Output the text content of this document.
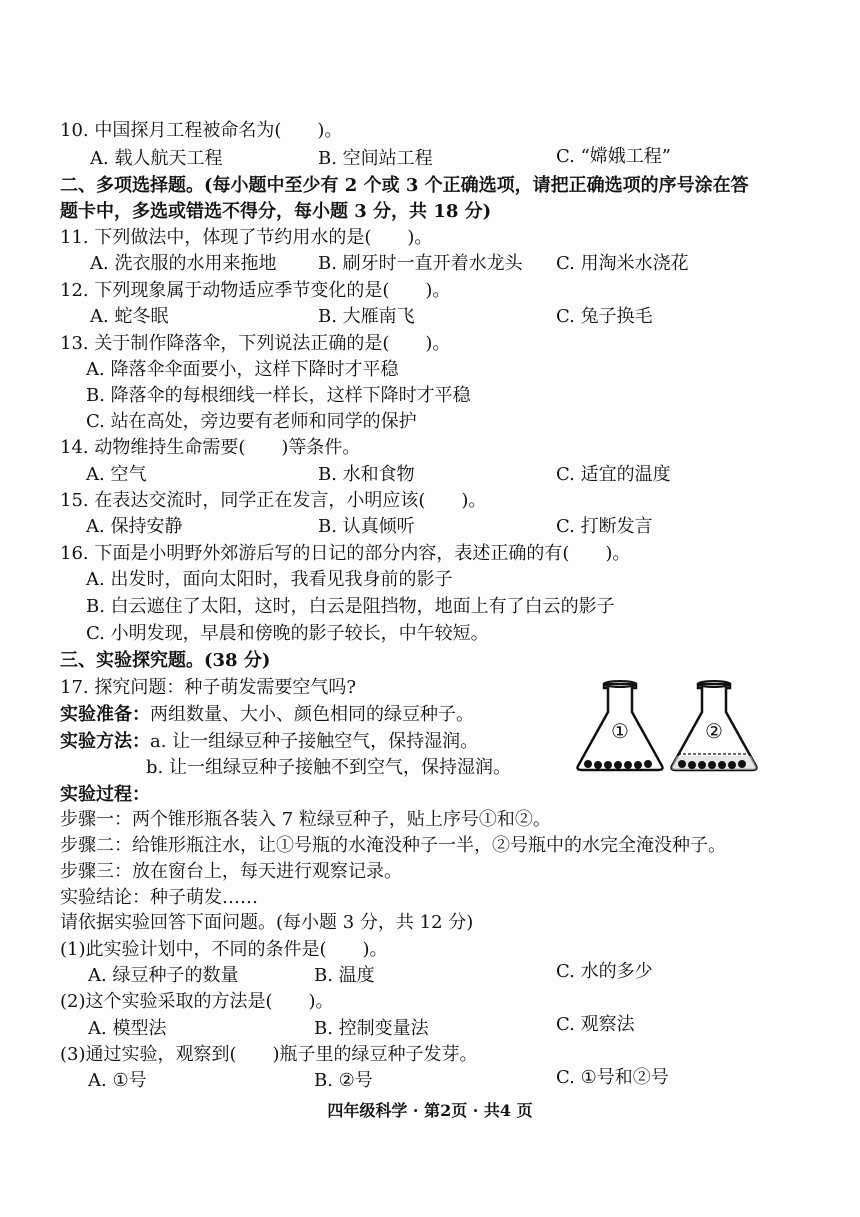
10. 中国探月工程被命名为(　　)。
A. 载人航天工程	B. 空间站工程	C. “嫦娥工程”
二、多项选择题。(每小题中至少有 2 个或 3 个正确选项，请把正确选项的序号涂在答
题卡中，多选或错选不得分，每小题 3 分，共 18 分)
11. 下列做法中，体现了节约用水的是(　　)。
A. 洗衣服的水用来拖地 B. 刷牙时一直开着水龙头 C. 用淘米水浇花
12. 下列现象属于动物适应季节变化的是(　　)。
A. 蛇冬眠	B. 大雁南飞	C. 兔子换毛
13. 关于制作降落伞，下列说法正确的是(　　)。
A. 降落伞伞面要小，这样下降时才平稳
B. 降落伞的每根细线一样长，这样下降时才平稳
C. 站在高处，旁边要有老师和同学的保护
14. 动物维持生命需要(　　)等条件。
A. 空气	B. 水和食物	C. 适宜的温度
15. 在表达交流时，同学正在发言，小明应该(　　)。
A. 保持安静	B. 认真倾听	C. 打断发言
16. 下面是小明野外郊游后写的日记的部分内容，表述正确的有(　　)。
A. 出发时，面向太阳时，我看见我身前的影子
B. 白云遮住了太阳，这时，白云是阻挡物，地面上有了白云的影子
C. 小明发现，早晨和傍晚的影子较长，中午较短。
三、实验探究题。(38 分)
17. 探究问题：种子萌发需要空气吗?
实验准备：两组数量、大小、颜色相同的绿豆种子。
实验方法：a. 让一组绿豆种子接触空气，保持湿润。
b. 让一组绿豆种子接触不到空气，保持湿润。
实验过程：
步骤一：两个锥形瓶各装入 7 粒绿豆种子，贴上序号①和②。
步骤二：给锥形瓶注水，让①号瓶的水淹没种子一半，②号瓶中的水完全淹没种子。
步骤三：放在窗台上，每天进行观察记录。
实验结论：种子萌发……
请依据实验回答下面问题。(每小题 3 分，共 12 分)
①	②
(1)此实验计划中，不同的条件是(　　)。
A. 绿豆种子的数量	B. 温度	C. 水的多少
(2)这个实验采取的方法是(　　)。
A. 模型法	B. 控制变量法	C. 观察法
(3)通过实验，观察到(　　)瓶子里的绿豆种子发芽。
A. ①号	B. ②号	C. ①号和②号
四年级科学 · 第2页 · 共4 页
